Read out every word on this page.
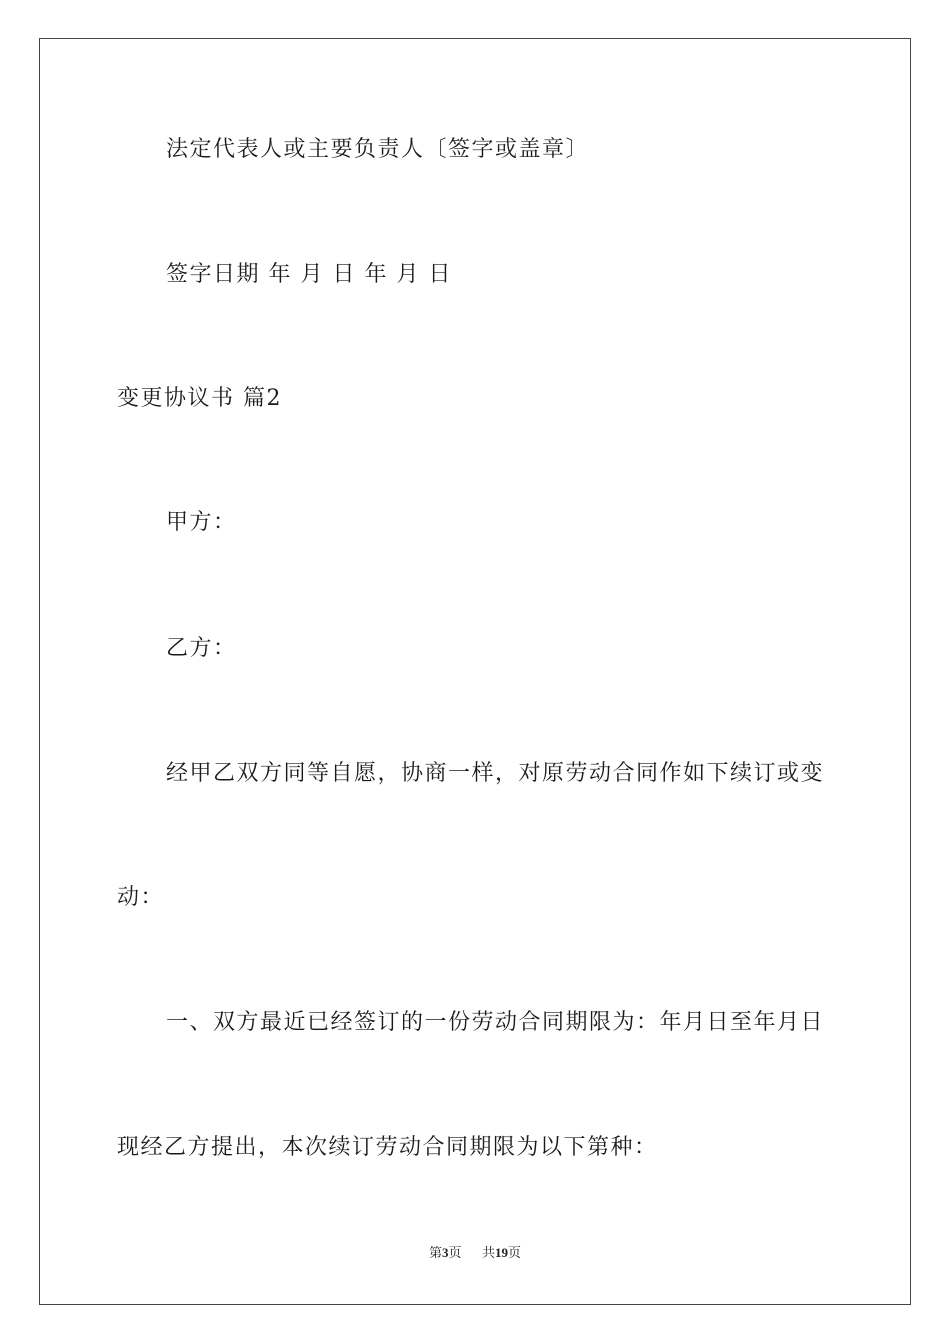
法定代表人或主要负责人〔签字或盖章〕

签字日期 年 月 日 年 月 日

变更协议书 篇2

甲方：

乙方：

经甲乙双方同等自愿，协商一样，对原劳动合同作如下续订或变

动：

一、双方最近已经签订的一份劳动合同期限为：年月日至年月日

现经乙方提出，本次续订劳动合同期限为以下第种：

第3页 共19页
